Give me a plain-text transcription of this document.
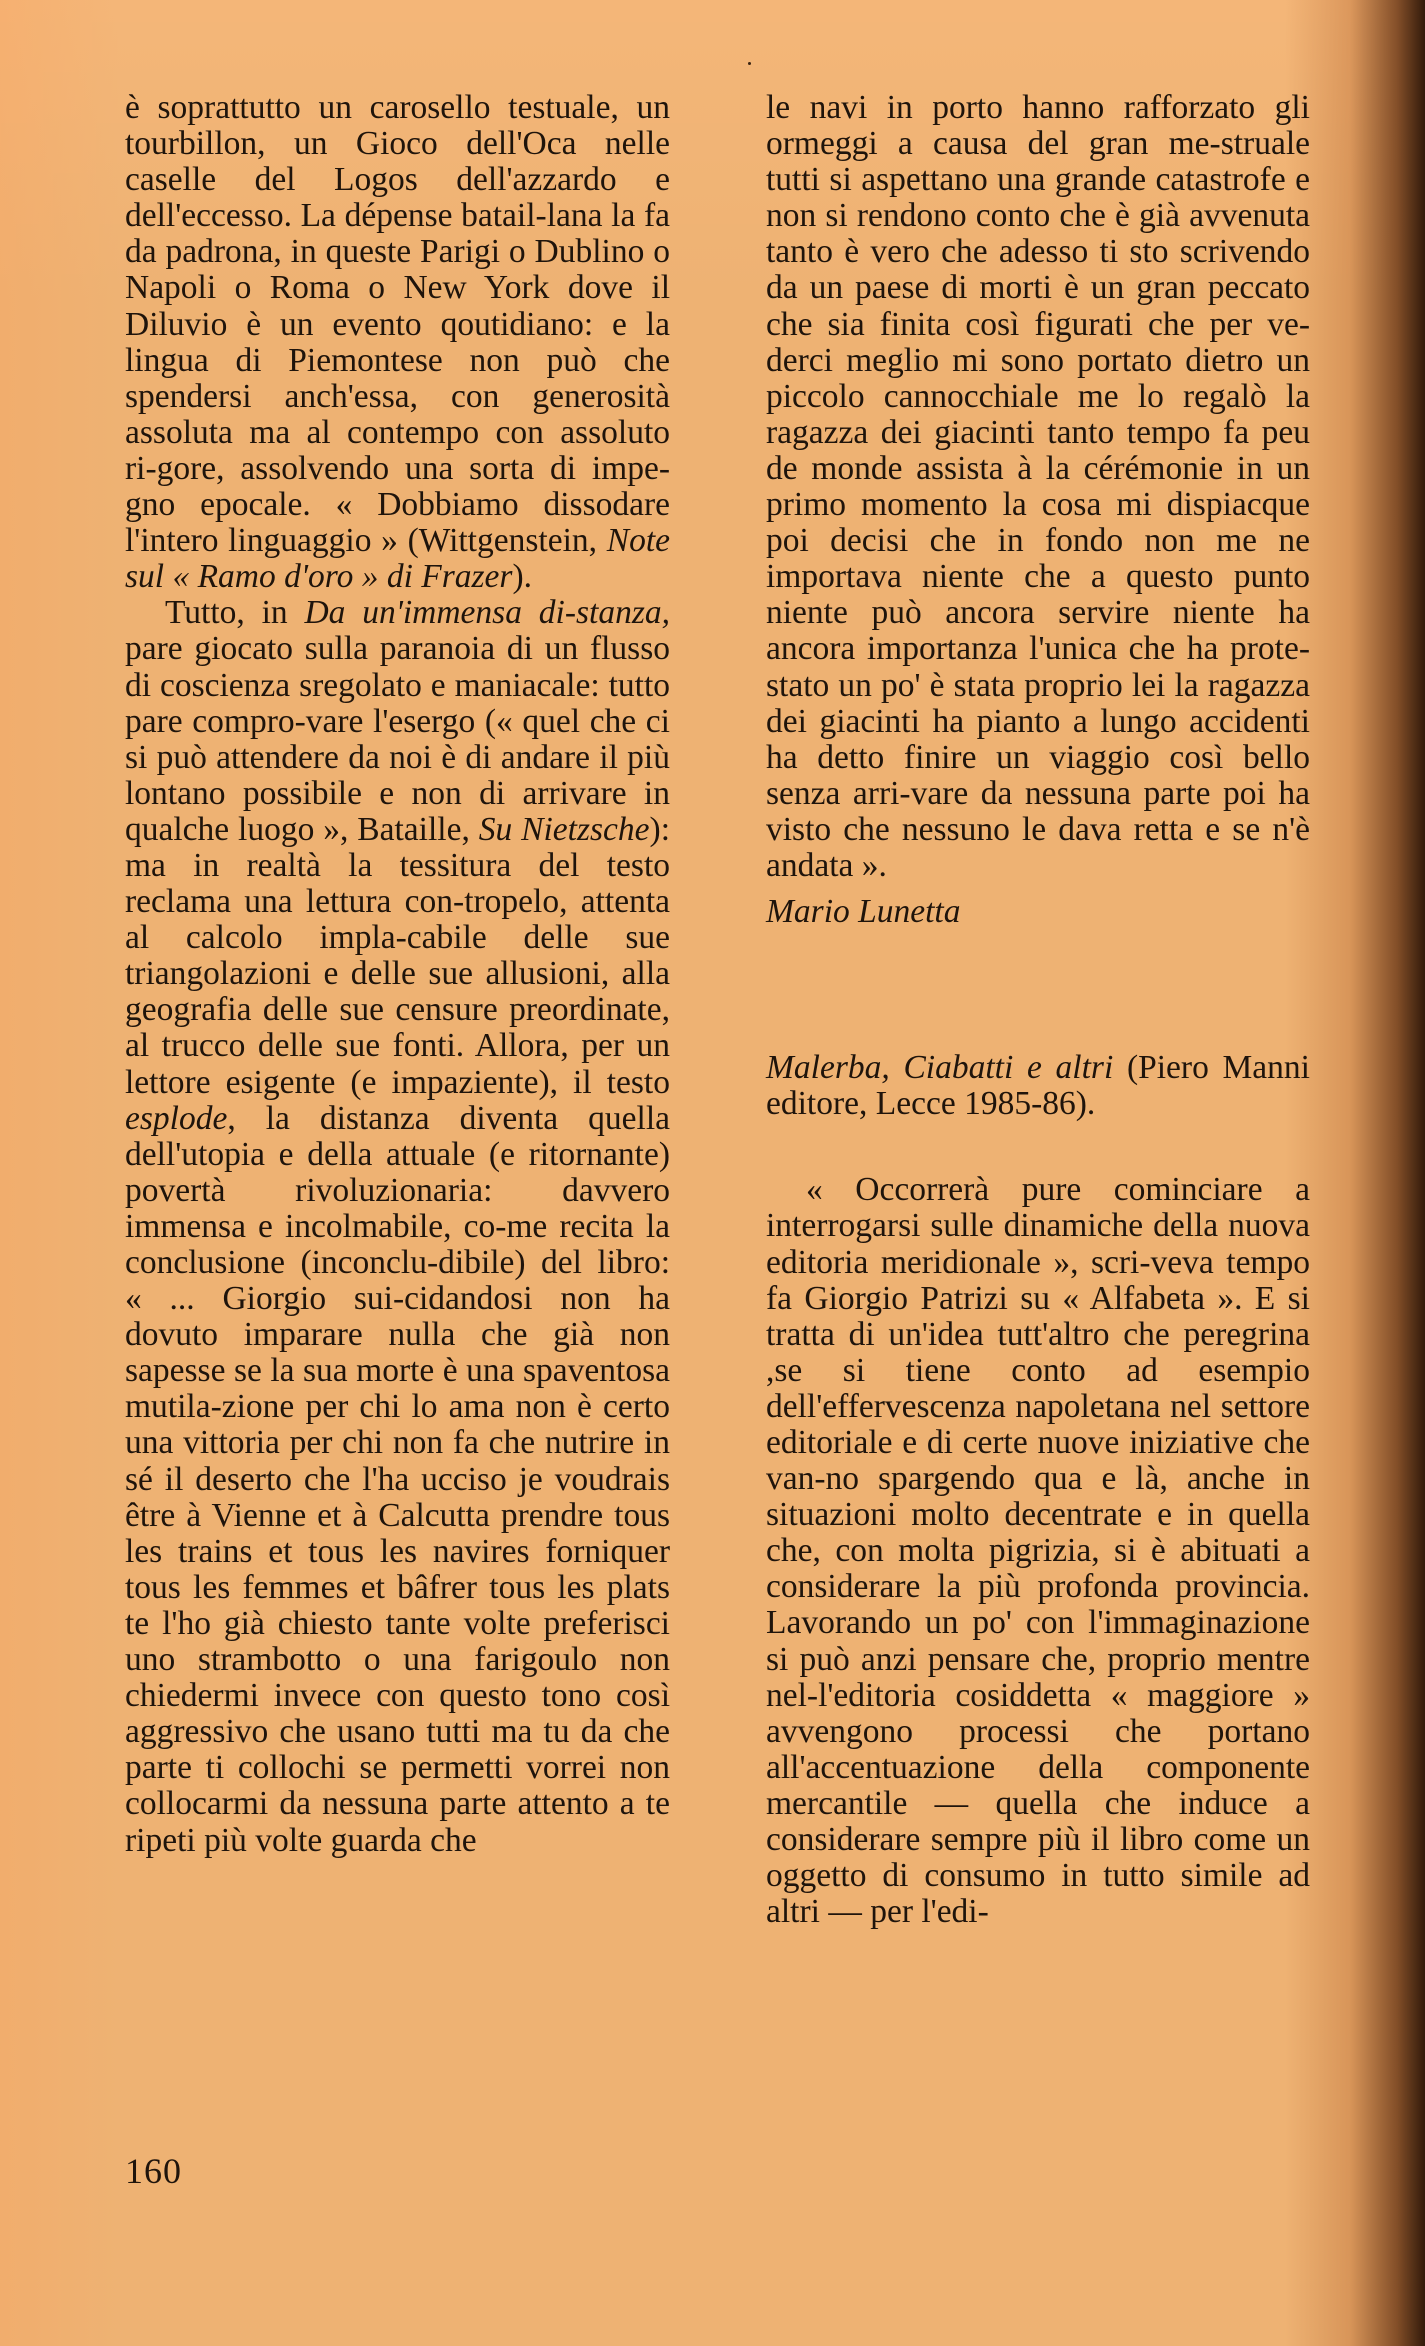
è soprattutto un carosello testuale, un tourbillon, un Gioco dell'Oca nelle caselle del Logos dell'azzardo e dell'eccesso. La dépense batail-lana la fa da padrona, in queste Parigi o Dublino o Napoli o Roma o New York dove il Diluvio è un evento qoutidiano: e la lingua di Piemontese non può che spendersi anch'essa, con generosità assoluta ma al contempo con assoluto ri-gore, assolvendo una sorta di impe-gno epocale. « Dobbiamo dissodare l'intero linguaggio » (Wittgenstein, Note sul « Ramo d'oro » di Frazer).

Tutto, in Da un'immensa di-stanza, pare giocato sulla paranoia di un flusso di coscienza sregolato e maniacale: tutto pare compro-vare l'esergo (« quel che ci si può attendere da noi è di andare il più lontano possibile e non di arrivare in qualche luogo », Bataille, Su Nietzsche): ma in realtà la tessitura del testo reclama una lettura con-tropelo, attenta al calcolo impla-cabile delle sue triangolazioni e delle sue allusioni, alla geografia delle sue censure preordinate, al trucco delle sue fonti. Allora, per un lettore esigente (e impaziente), il testo esplode, la distanza diventa quella dell'utopia e della attuale (e ritornante) povertà rivoluzionaria: davvero immensa e incolmabile, co-me recita la conclusione (inconclu-dibile) del libro: « ... Giorgio sui-cidandosi non ha dovuto imparare nulla che già non sapesse se la sua morte è una spaventosa mutila-zione per chi lo ama non è certo una vittoria per chi non fa che nutrire in sé il deserto che l'ha ucciso je voudrais être à Vienne et à Calcutta prendre tous les trains et tous les navires forniquer tous les femmes et bâfrer tous les plats te l'ho già chiesto tante volte preferisci uno strambotto o una farigoulo non chiedermi invece con questo tono così aggressivo che usano tutti ma tu da che parte ti collochi se permetti vorrei non collocarmi da nessuna parte attento a te ripeti più volte guarda che

le navi in porto hanno rafforzato gli ormeggi a causa del gran me-struale tutti si aspettano una grande catastrofe e non si rendono conto che è già avvenuta tanto è vero che adesso ti sto scrivendo da un paese di morti è un gran peccato che sia finita così figurati che per ve-derci meglio mi sono portato dietro un piccolo cannocchiale me lo regalò la ragazza dei giacinti tanto tempo fa peu de monde assista à la cérémonie in un primo momento la cosa mi dispiacque poi decisi che in fondo non me ne importava niente che a questo punto niente può ancora servire niente ha ancora importanza l'unica che ha prote-stato un po' è stata proprio lei la ragazza dei giacinti ha pianto a lungo accidenti ha detto finire un viaggio così bello senza arri-vare da nessuna parte poi ha visto che nessuno le dava retta e se n'è andata ».

Mario Lunetta

Malerba, Ciabatti e altri (Piero Manni editore, Lecce 1985-86).

« Occorrerà pure cominciare a interrogarsi sulle dinamiche della nuova editoria meridionale », scri-veva tempo fa Giorgio Patrizi su « Alfabeta ». E si tratta di un'idea tutt'altro che peregrina ,se si tiene conto ad esempio dell'effervescenza napoletana nel settore editoriale e di certe nuove iniziative che van-no spargendo qua e là, anche in situazioni molto decentrate e in quella che, con molta pigrizia, si è abituati a considerare la più profonda provincia. Lavorando un po' con l'immaginazione si può anzi pensare che, proprio mentre nel-l'editoria cosiddetta « maggiore » avvengono processi che portano all'accentuazione della componente mercantile — quella che induce a considerare sempre più il libro come un oggetto di consumo in tutto simile ad altri — per l'edi-

160
